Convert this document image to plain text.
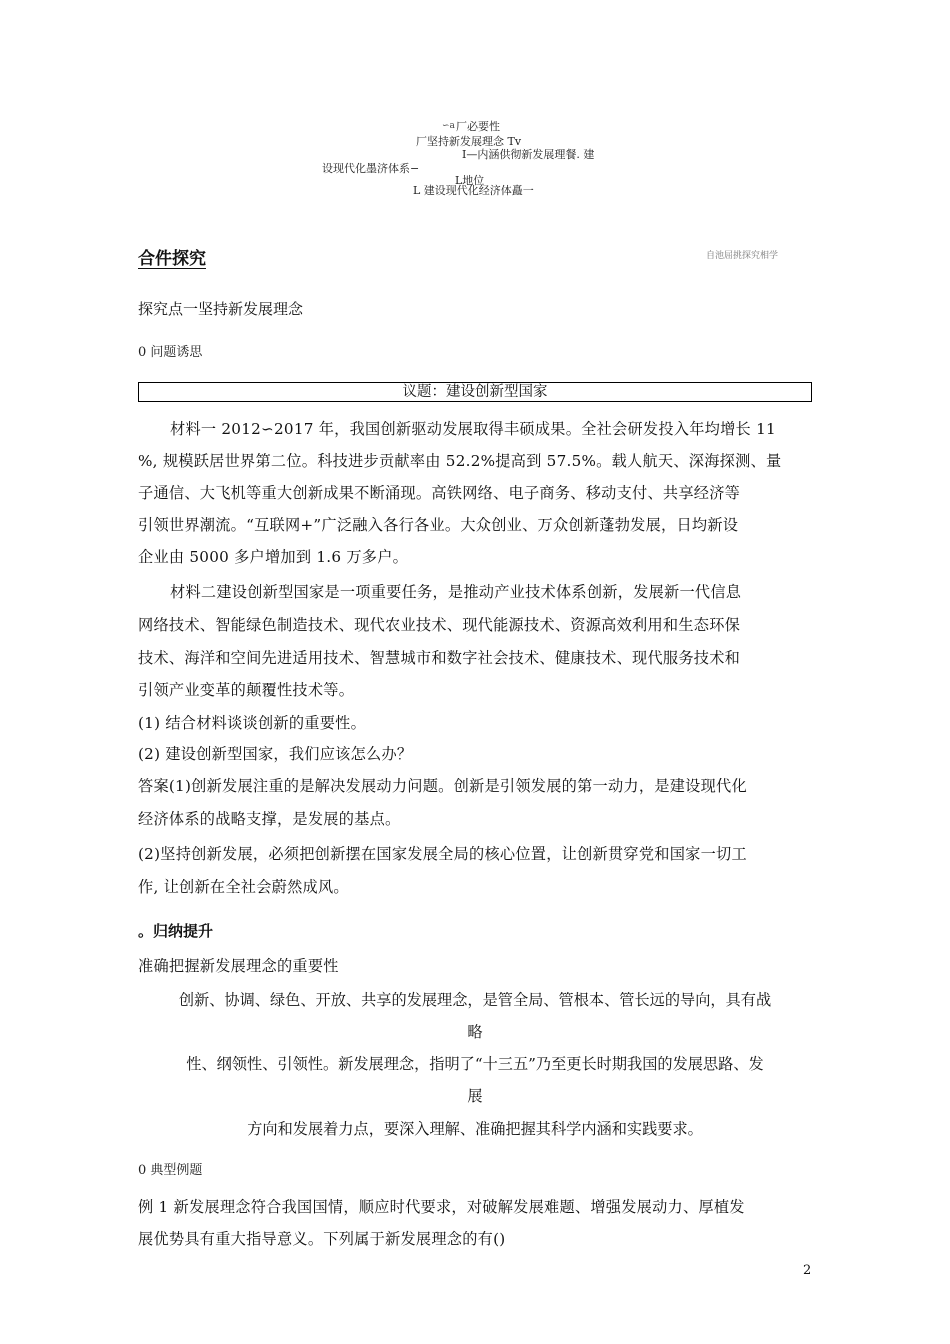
∽a 厂必要性
厂坚持新发展理念 Tv
I—内涵供彻新发展理餐. 建
设现代化墨济体系−
L地位
L 建设现代化经济体矗一
合件探究	自池屈挑探究相学
探究点一坚持新发展理念
0 问题诱思
议题：建设创新型国家
材料一 2012∽2017 年，我国创新驱动发展取得丰硕成果。全社会研发投入年均增长 11
%, 规模跃居世界第二位。科技进步贡献率由 52.2%提高到 57.5%。载人航天、深海探测、量
子通信、大飞机等重大创新成果不断涌现。高铁网络、电子商务、移动支付、共享经济等
引领世界潮流。“互联网+”广泛融入各行各业。大众创业、万众创新蓬勃发展，日均新设
企业由 5000 多户增加到 1.6 万多户。
材料二建设创新型国家是一项重要任务，是推动产业技术体系创新，发展新一代信息
网络技术、智能绿色制造技术、现代农业技术、现代能源技术、资源高效利用和生态环保
技术、海洋和空间先进适用技术、智慧城市和数字社会技术、健康技术、现代服务技术和
引领产业变革的颠覆性技术等。
(1) 结合材料谈谈创新的重要性。
(2) 建设创新型国家，我们应该怎么办？
答案(1)创新发展注重的是解决发展动力问题。创新是引领发展的第一动力，是建设现代化
经济体系的战略支撑，是发展的基点。
(2)坚持创新发展，必须把创新摆在国家发展全局的核心位置，让创新贯穿党和国家一切工
作, 让创新在全社会蔚然成风。
。归纳提升
准确把握新发展理念的重要性
创新、协调、绿色、开放、共享的发展理念，是管全局、管根本、管长远的导向，具有战
略
性、纲领性、引领性。新发展理念，指明了“十三五”乃至更长时期我国的发展思路、发
展
方向和发展着力点，要深入理解、准确把握其科学内涵和实践要求。
0 典型例题
例 1 新发展理念符合我国国情，顺应时代要求，对破解发展难题、增强发展动力、厚植发
展优势具有重大指导意义。下列属于新发展理念的有()
2
